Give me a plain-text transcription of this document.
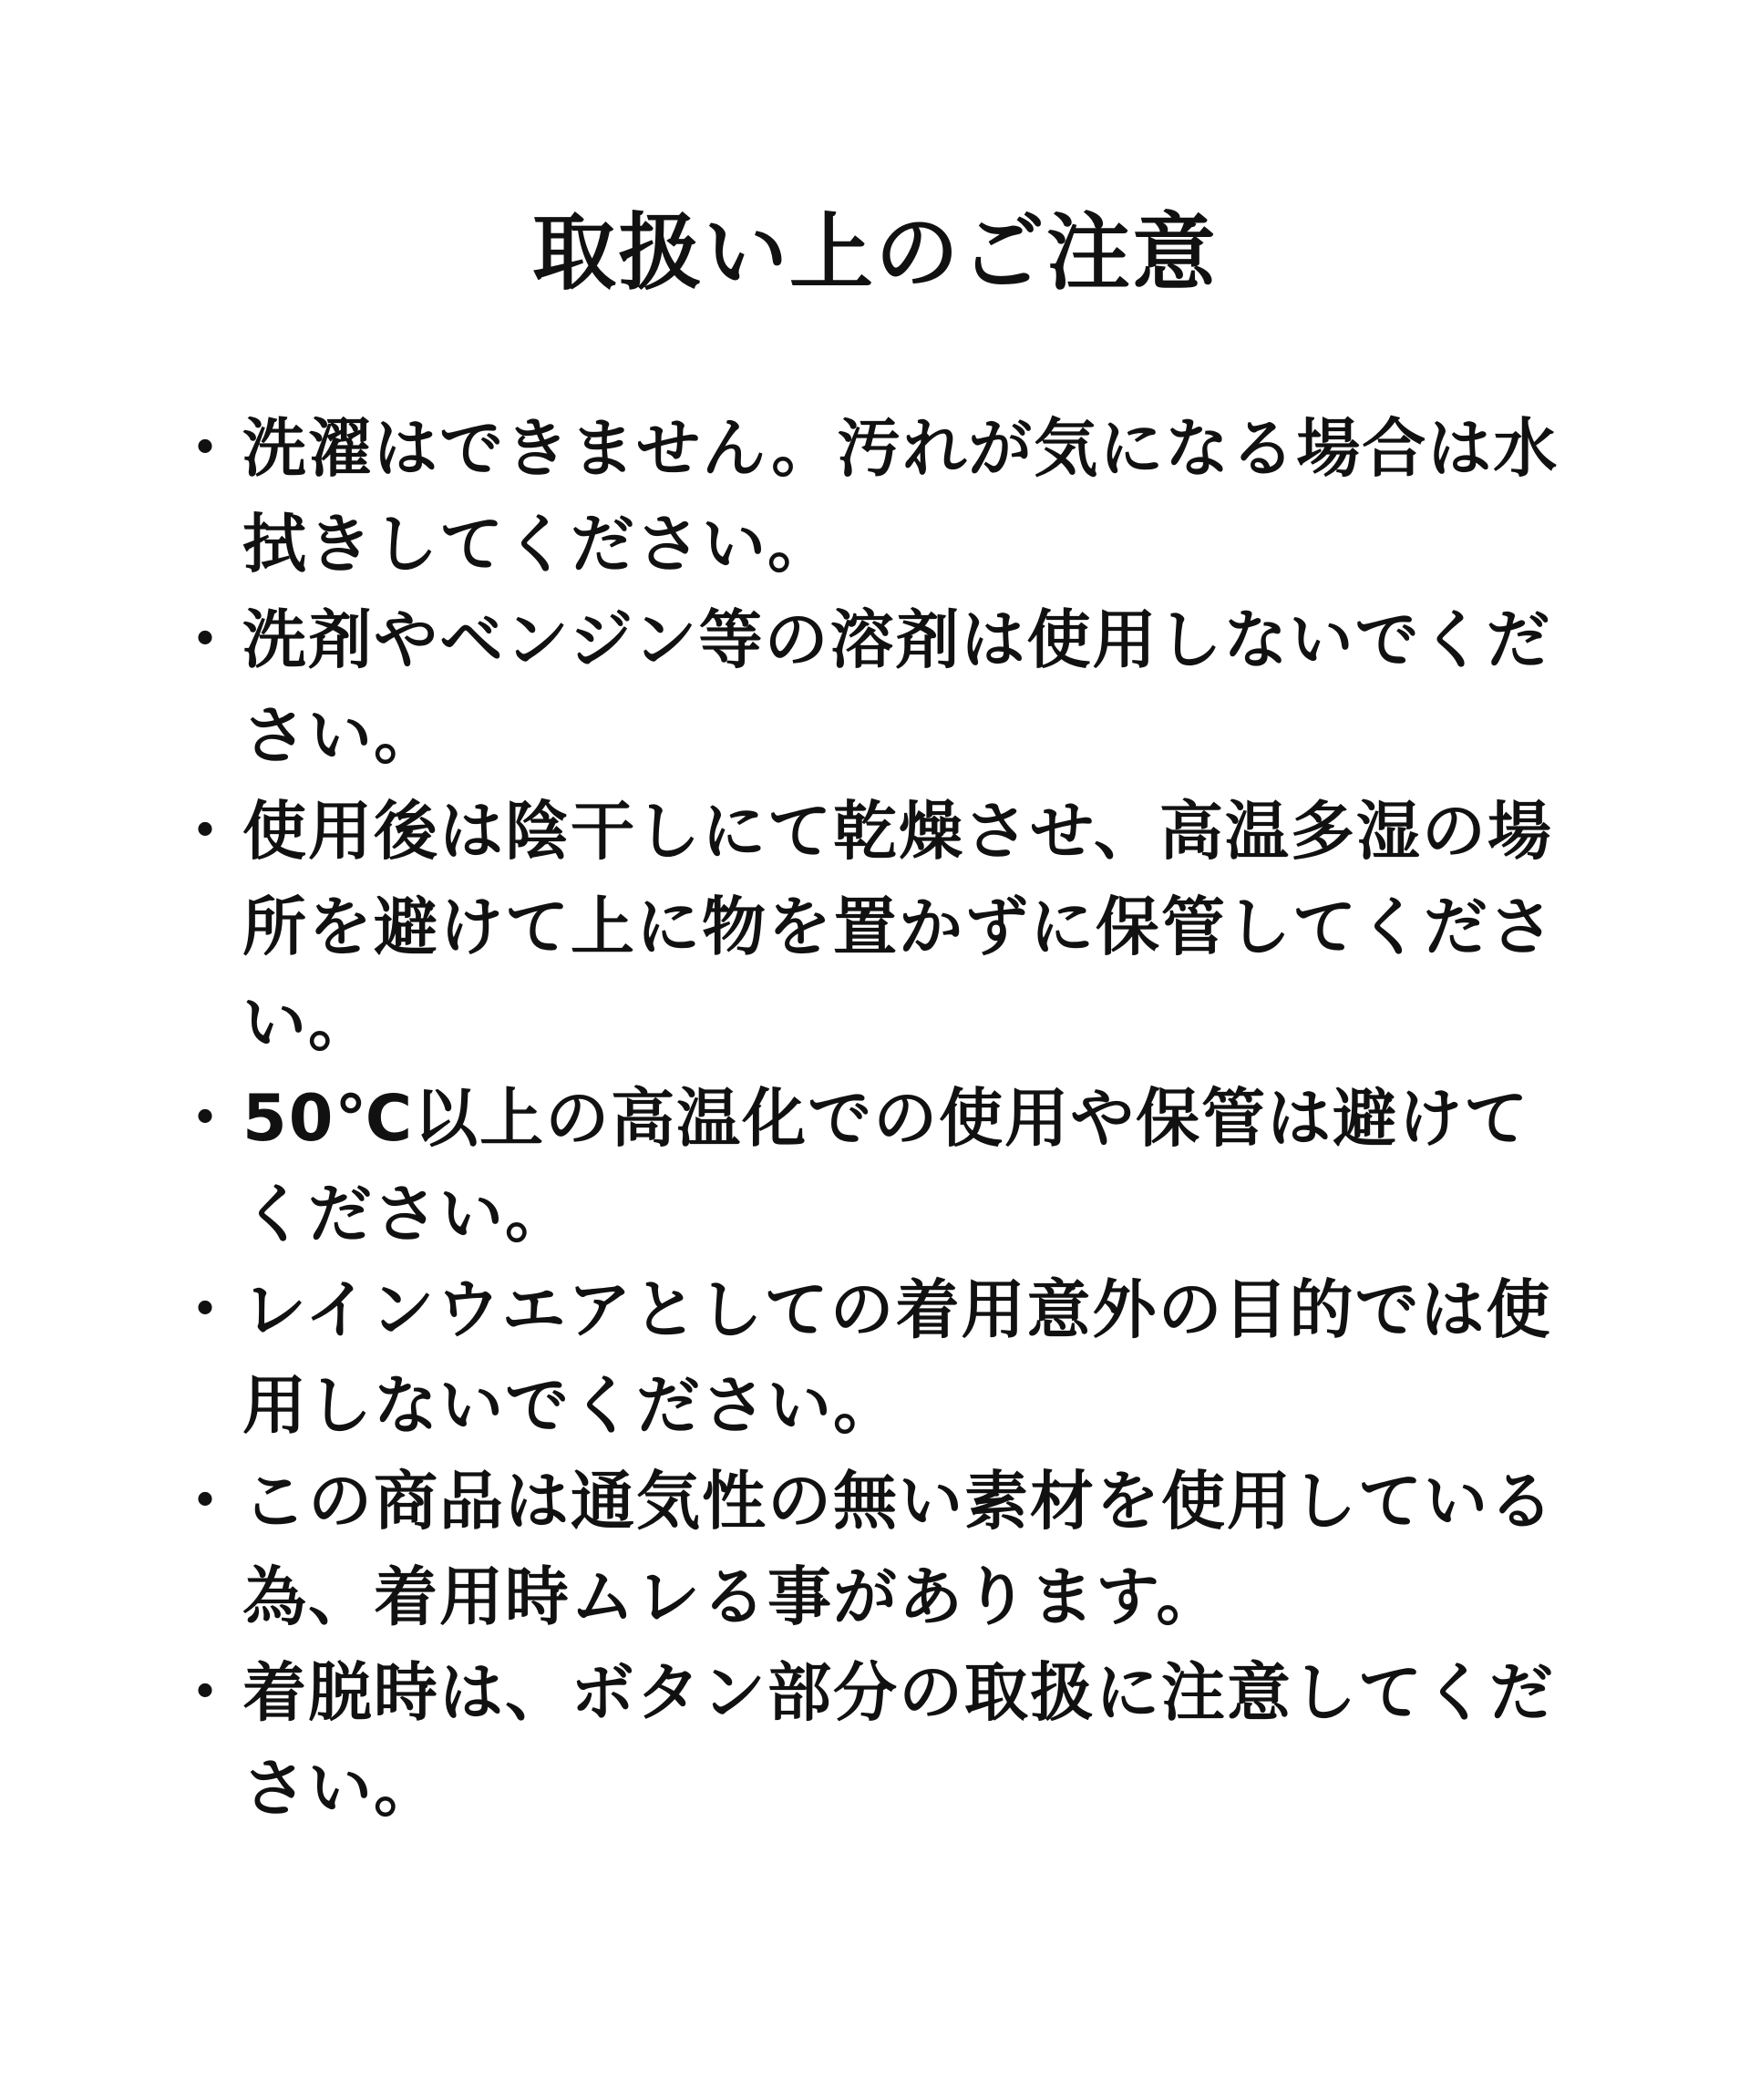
取扱い上のご注意
・ 洗濯はできません。汚れが気になる場合は水拭きしてください。
・ 洗剤やベンジン等の溶剤は使用しないでください。
・ 使用後は陰干しにて乾燥させ、高温多湿の場所を避けて上に物を置かずに保管してください。
・ 50℃以上の高温化での使用や保管は避けてください。
・ レインウエアとしての着用意外の目的では使用しないでください。
・ この商品は通気性の無い素材を使用している為、着用時ムレる事があります。
・ 着脱時は、ボタン部分の取扱に注意してください。
